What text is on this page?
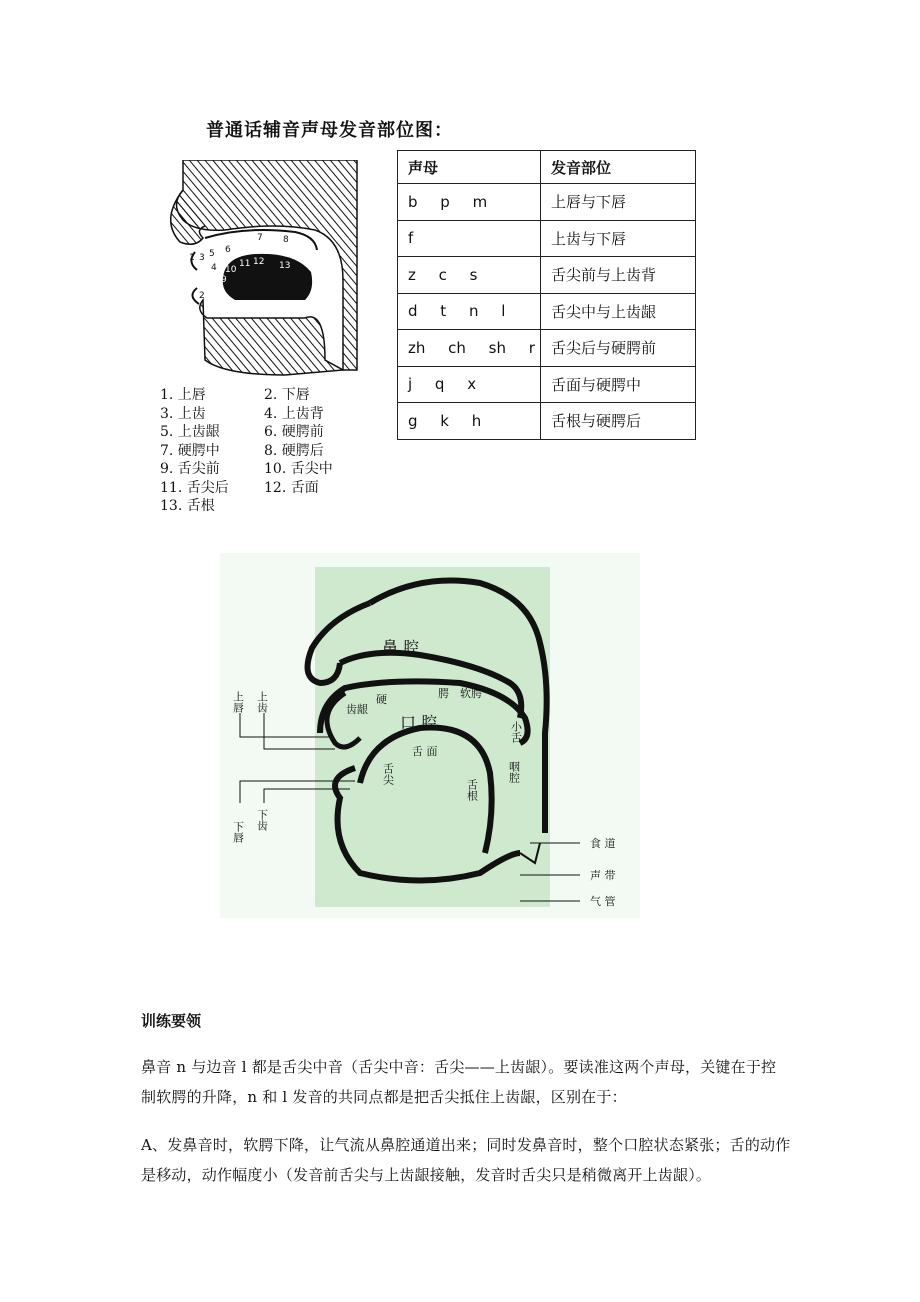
普通话辅音声母发音部位图：
1
2
3
4
5 6
7 8
9
10
11 12 13
1. 上唇	2. 下唇
3. 上齿	4. 上齿背
5. 上齿龈	6. 硬腭前
7. 硬腭中	8. 硬腭后
9. 舌尖前	10. 舌尖中
11. 舌尖后	12. 舌面
13. 舌根
声母	发音部位
b p m	上唇与下唇
f	上齿与下唇
z c s	舌尖前与上齿背
d t n l	舌尖中与上齿龈
zh ch sh r	舌尖后与硬腭前
j q x	舌面与硬腭中
g k h	舌根与硬腭后
鼻 腔
口 腔
硬	腭 软腭
齿龈
小舌
舌 面
舌尖
舌根
咽腔
上唇 上齿
下唇
下齿
食 道
声 带
气 管
训练要领
鼻音 n 与边音 l 都是舌尖中音（舌尖中音：舌尖——上齿龈）。要读准这两个声母，关键在于控制软腭的升降，n 和 l 发音的共同点都是把舌尖抵住上齿龈，区别在于：
A、发鼻音时，软腭下降，让气流从鼻腔通道出来；同时发鼻音时，整个口腔状态紧张；舌的动作是移动，动作幅度小（发音前舌尖与上齿龈接触，发音时舌尖只是稍微离开上齿龈）。
